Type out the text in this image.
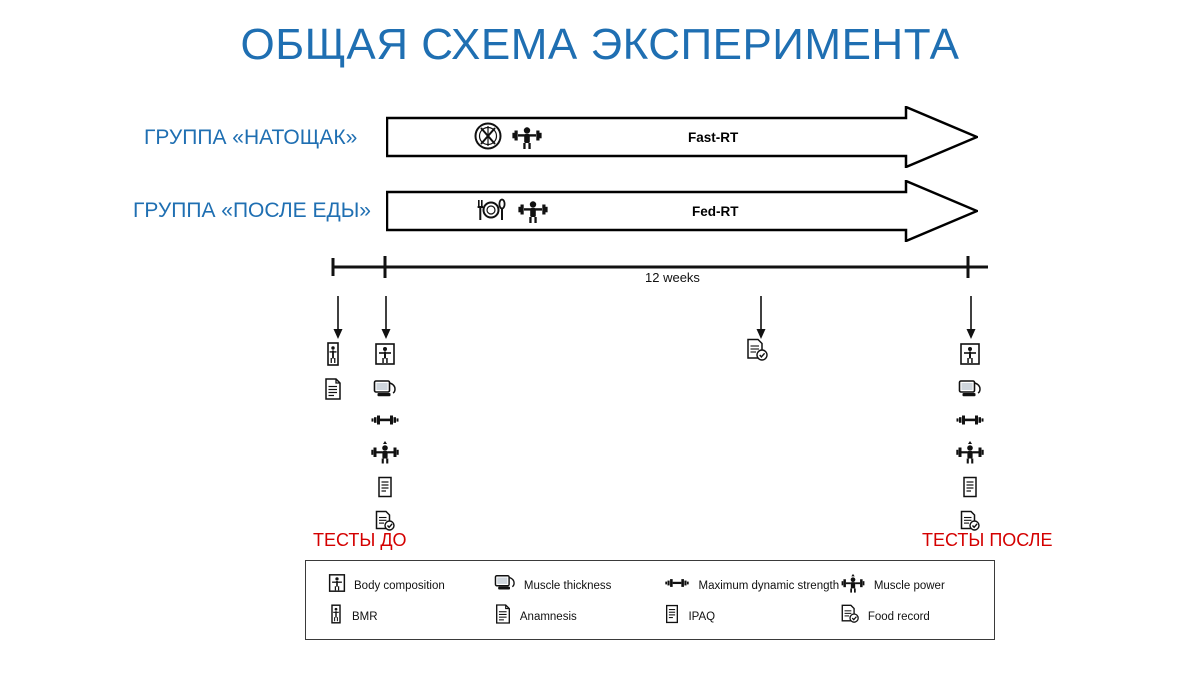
ОБЩАЯ СХЕМА ЭКСПЕРИМЕНТА
ГРУППА «НАТОЩАК»	Fast-RT
ГРУППА «ПОСЛЕ ЕДЫ»	Fed-RT
12 weeks
ТЕСТЫ ДО	ТЕСТЫ ПОСЛЕ
Body composition	Muscle thickness	Maximum dynamic strength	Muscle power
BMR	Anamnesis	IPAQ	Food record
